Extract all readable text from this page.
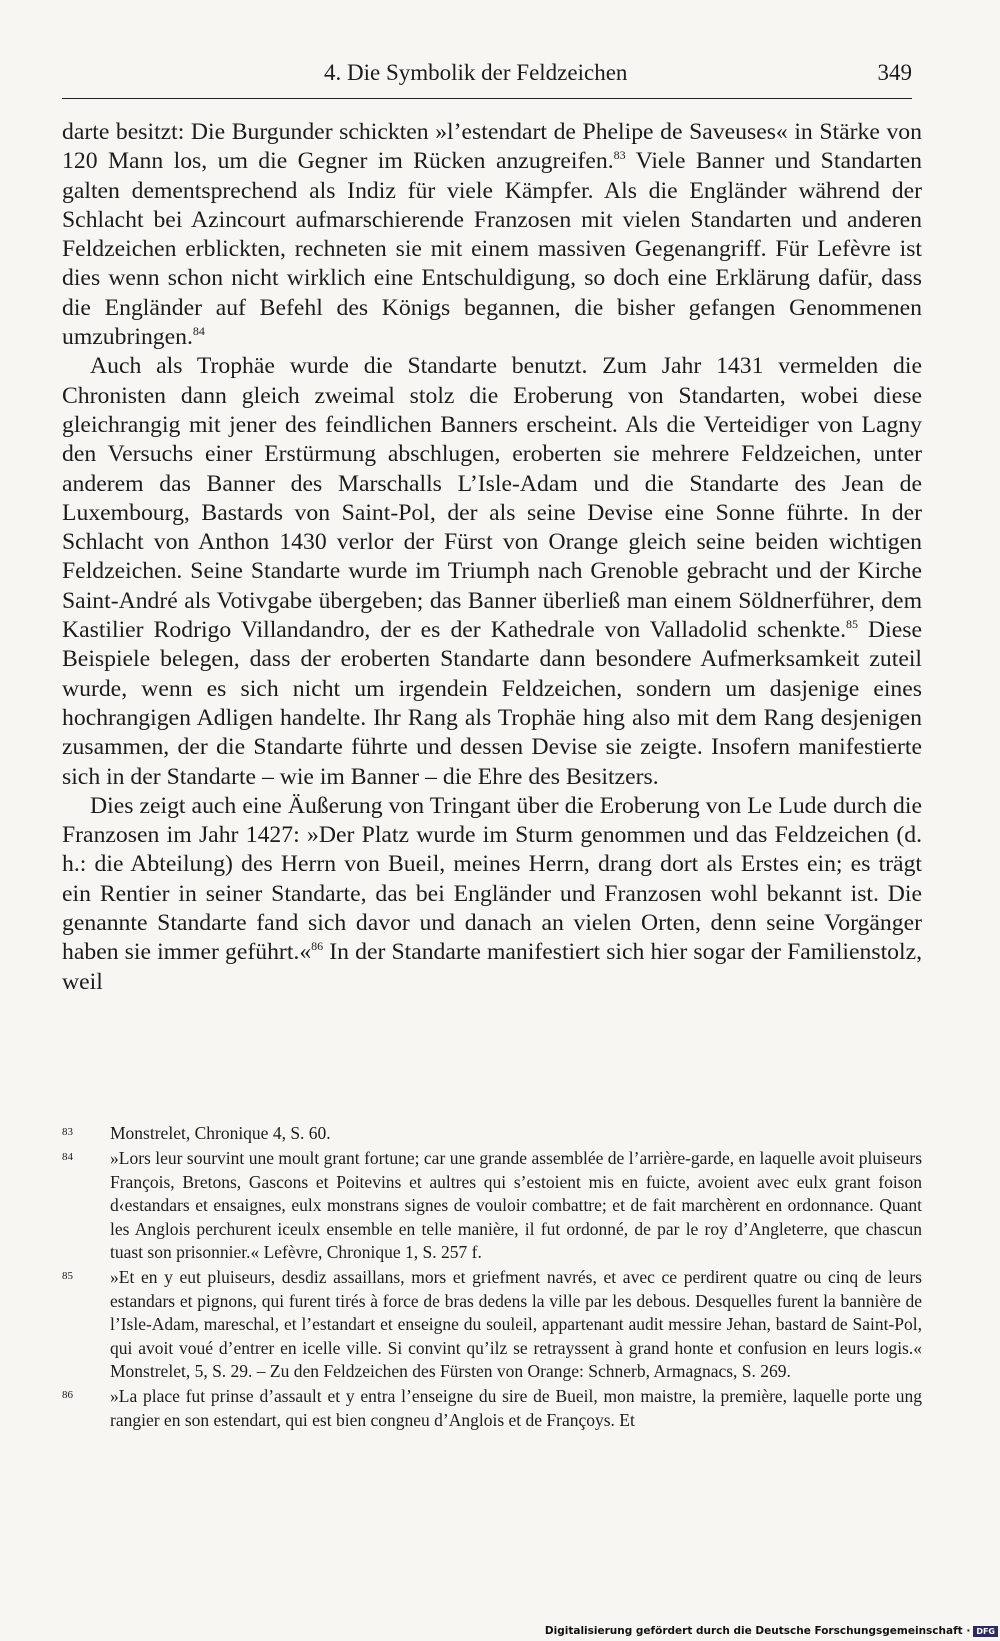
4. Die Symbolik der Feldzeichen	349

darte besitzt: Die Burgunder schickten »l’estendart de Phelipe de Saveuses« in Stärke von 120 Mann los, um die Gegner im Rücken anzugreifen.$^{83}$ Viele Banner und Standarten galten dementsprechend als Indiz für viele Kämpfer. Als die Engländer während der Schlacht bei Azincourt aufmarschierende Franzosen mit vielen Standarten und anderen Feldzeichen erblickten, rechneten sie mit einem massiven Gegenangriff. Für Lefèvre ist dies wenn schon nicht wirklich eine Entschuldigung, so doch eine Erklärung dafür, dass die Engländer auf Befehl des Königs begannen, die bisher gefangen Genommenen umzubringen.$^{84}$

Auch als Trophäe wurde die Standarte benutzt. Zum Jahr 1431 vermelden die Chronisten dann gleich zweimal stolz die Eroberung von Standarten, wobei diese gleichrangig mit jener des feindlichen Banners erscheint. Als die Verteidiger von Lagny den Versuchs einer Erstürmung abschlugen, eroberten sie mehrere Feldzeichen, unter anderem das Banner des Marschalls L’Isle-Adam und die Standarte des Jean de Luxembourg, Bastards von Saint-Pol, der als seine Devise eine Sonne führte. In der Schlacht von Anthon 1430 verlor der Fürst von Orange gleich seine beiden wichtigen Feldzeichen. Seine Standarte wurde im Triumph nach Grenoble gebracht und der Kirche Saint-André als Votivgabe übergeben; das Banner überließ man einem Söldnerführer, dem Kastilier Rodrigo Villandandro, der es der Kathedrale von Valladolid schenkte.$^{85}$ Diese Beispiele belegen, dass der eroberten Standarte dann besondere Aufmerksamkeit zuteil wurde, wenn es sich nicht um irgendein Feldzeichen, sondern um dasjenige eines hochrangigen Adligen handelte. Ihr Rang als Trophäe hing also mit dem Rang desjenigen zusammen, der die Standarte führte und dessen Devise sie zeigte. Insofern manifestierte sich in der Standarte – wie im Banner – die Ehre des Besitzers.

Dies zeigt auch eine Äußerung von Tringant über die Eroberung von Le Lude durch die Franzosen im Jahr 1427: »Der Platz wurde im Sturm genommen und das Feldzeichen (d. h.: die Abteilung) des Herrn von Bueil, meines Herrn, drang dort als Erstes ein; es trägt ein Rentier in seiner Standarte, das bei Engländer und Franzosen wohl bekannt ist. Die genannte Standarte fand sich davor und danach an vielen Orten, denn seine Vorgänger haben sie immer geführt.«$^{86}$ In der Standarte manifestiert sich hier sogar der Familienstolz, weil

83 Monstrelet, Chronique 4, S. 60.
84 »Lors leur sourvint une moult grant fortune; car une grande assemblée de l’arrière-garde, en laquelle avoit pluiseurs François, Bretons, Gascons et Poitevins et aultres qui s’estoient mis en fuicte, avoient avec eulx grant foison d‹estandars et ensaignes, eulx monstrans signes de vouloir combattre; et de fait marchèrent en ordonnance. Quant les Anglois perchurent iceulx ensemble en telle manière, il fut ordonné, de par le roy d’Angleterre, que chascun tuast son prisonnier.« Lefèvre, Chronique 1, S. 257 f.
85 »Et en y eut pluiseurs, desdiz assaillans, mors et griefment navrés, et avec ce perdirent quatre ou cinq de leurs estandars et pignons, qui furent tirés à force de bras dedens la ville par les debous. Desquelles furent la bannière de l’Isle-Adam, mareschal, et l’estandart et enseigne du souleil, appartenant audit messire Jehan, bastard de Saint-Pol, qui avoit voué d’entrer en icelle ville. Si convint qu’ilz se retrayssent à grand honte et confusion en leurs logis.« Monstrelet, 5, S. 29. – Zu den Feldzeichen des Fürsten von Orange: Schnerb, Armagnacs, S. 269.
86 »La place fut prinse d’assault et y entra l’enseigne du sire de Bueil, mon maistre, la première, laquelle porte ung rangier en son estendart, qui est bien congneu d’Anglois et de Françoys. Et
Digitalisierung gefördert durch die Deutsche Forschungsgemeinschaft · DFG
